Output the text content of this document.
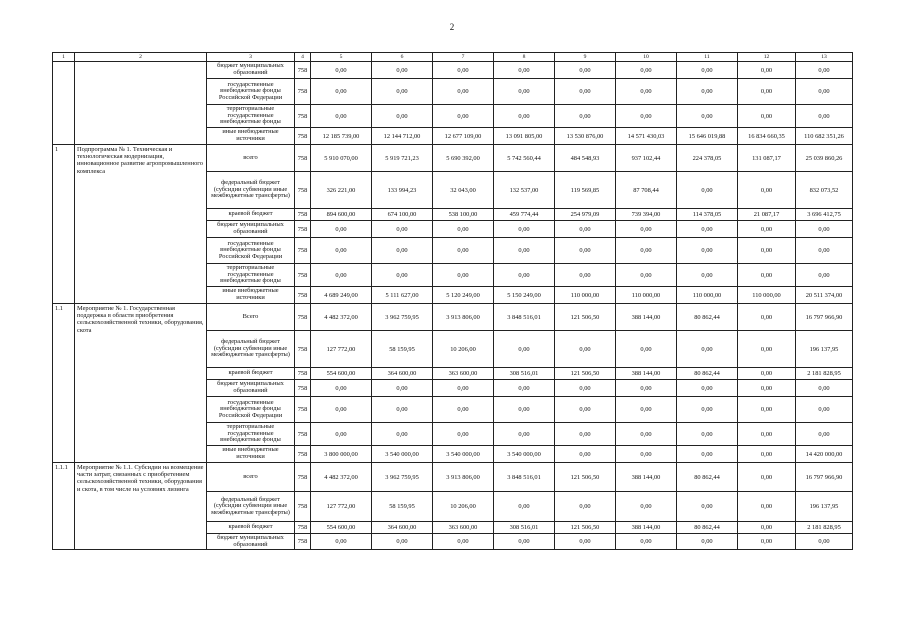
2
1	2	3	4	5	6	7	8	9	10	11	12	13
		бюджет муниципальных образований	758	0,00	0,00	0,00	0,00	0,00	0,00	0,00	0,00	0,00
		государственные внебюджетные фонды Российской Федерации	758	0,00	0,00	0,00	0,00	0,00	0,00	0,00	0,00	0,00
		территориальные государственные внебюджетные фонды	758	0,00	0,00	0,00	0,00	0,00	0,00	0,00	0,00	0,00
		иные внебюджетные источники	758	12 185 739,00	12 144 712,00	12 677 109,00	13 091 805,00	13 530 876,00	14 571 430,03	15 646 019,88	16 834 660,35	110 682 351,26
1	Подпрограмма № 1. Техническая и технологическая модернизация, инновационное развитие агропромышленного комплекса	всего	758	5 910 070,00	5 919 721,23	5 690 392,00	5 742 560,44	484 548,93	937 102,44	224 378,05	131 087,17	25 039 860,26
		федеральный бюджет (субсидии субвенции иные межбюджетные трансферты)	758	326 221,00	133 994,23	32 043,00	132 537,00	119 569,85	87 708,44	0,00	0,00	832 073,52
		краевой бюджет	758	894 600,00	674 100,00	538 100,00	459 774,44	254 979,09	739 394,00	114 378,05	21 087,17	3 696 412,75
		бюджет муниципальных образований	758	0,00	0,00	0,00	0,00	0,00	0,00	0,00	0,00	0,00
		государственные внебюджетные фонды Российской Федерации	758	0,00	0,00	0,00	0,00	0,00	0,00	0,00	0,00	0,00
		территориальные государственные внебюджетные фонды	758	0,00	0,00	0,00	0,00	0,00	0,00	0,00	0,00	0,00
		иные внебюджетные источники	758	4 689 249,00	5 111 627,00	5 120 249,00	5 150 249,00	110 000,00	110 000,00	110 000,00	110 000,00	20 511 374,00
1.1	Мероприятие № 1. Государственная поддержка в области приобретения сельскохозяйственной техники, оборудования, скота	Всего	758	4 482 372,00	3 962 759,95	3 913 806,00	3 848 516,01	121 506,50	388 144,00	80 862,44	0,00	16 797 966,90
		федеральный бюджет (субсидии субвенции иные межбюджетные трансферты)	758	127 772,00	58 159,95	10 206,00	0,00	0,00	0,00	0,00	0,00	196 137,95
		краевой бюджет	758	554 600,00	364 600,00	363 600,00	308 516,01	121 506,50	388 144,00	80 862,44	0,00	2 181 828,95
		бюджет муниципальных образований	758	0,00	0,00	0,00	0,00	0,00	0,00	0,00	0,00	0,00
		государственные внебюджетные фонды Российской Федерации	758	0,00	0,00	0,00	0,00	0,00	0,00	0,00	0,00	0,00
		территориальные государственные внебюджетные фонды	758	0,00	0,00	0,00	0,00	0,00	0,00	0,00	0,00	0,00
		иные внебюджетные источники	758	3 800 000,00	3 540 000,00	3 540 000,00	3 540 000,00	0,00	0,00	0,00	0,00	14 420 000,00
1.1.1	Мероприятие № 1.1. Субсидии на возмещение части затрат, связанных с приобретением сельскохозяйственной техники, оборудования и скота, в том числе на условиях лизинга	всего	758	4 482 372,00	3 962 759,95	3 913 806,00	3 848 516,01	121 506,50	388 144,00	80 862,44	0,00	16 797 966,90
		федеральный бюджет (субсидии субвенции иные межбюджетные трансферты)	758	127 772,00	58 159,95	10 206,00	0,00	0,00	0,00	0,00	0,00	196 137,95
		краевой бюджет	758	554 600,00	364 600,00	363 600,00	308 516,01	121 506,50	388 144,00	80 862,44	0,00	2 181 828,95
		бюджет муниципальных образований	758	0,00	0,00	0,00	0,00	0,00	0,00	0,00	0,00	0,00
